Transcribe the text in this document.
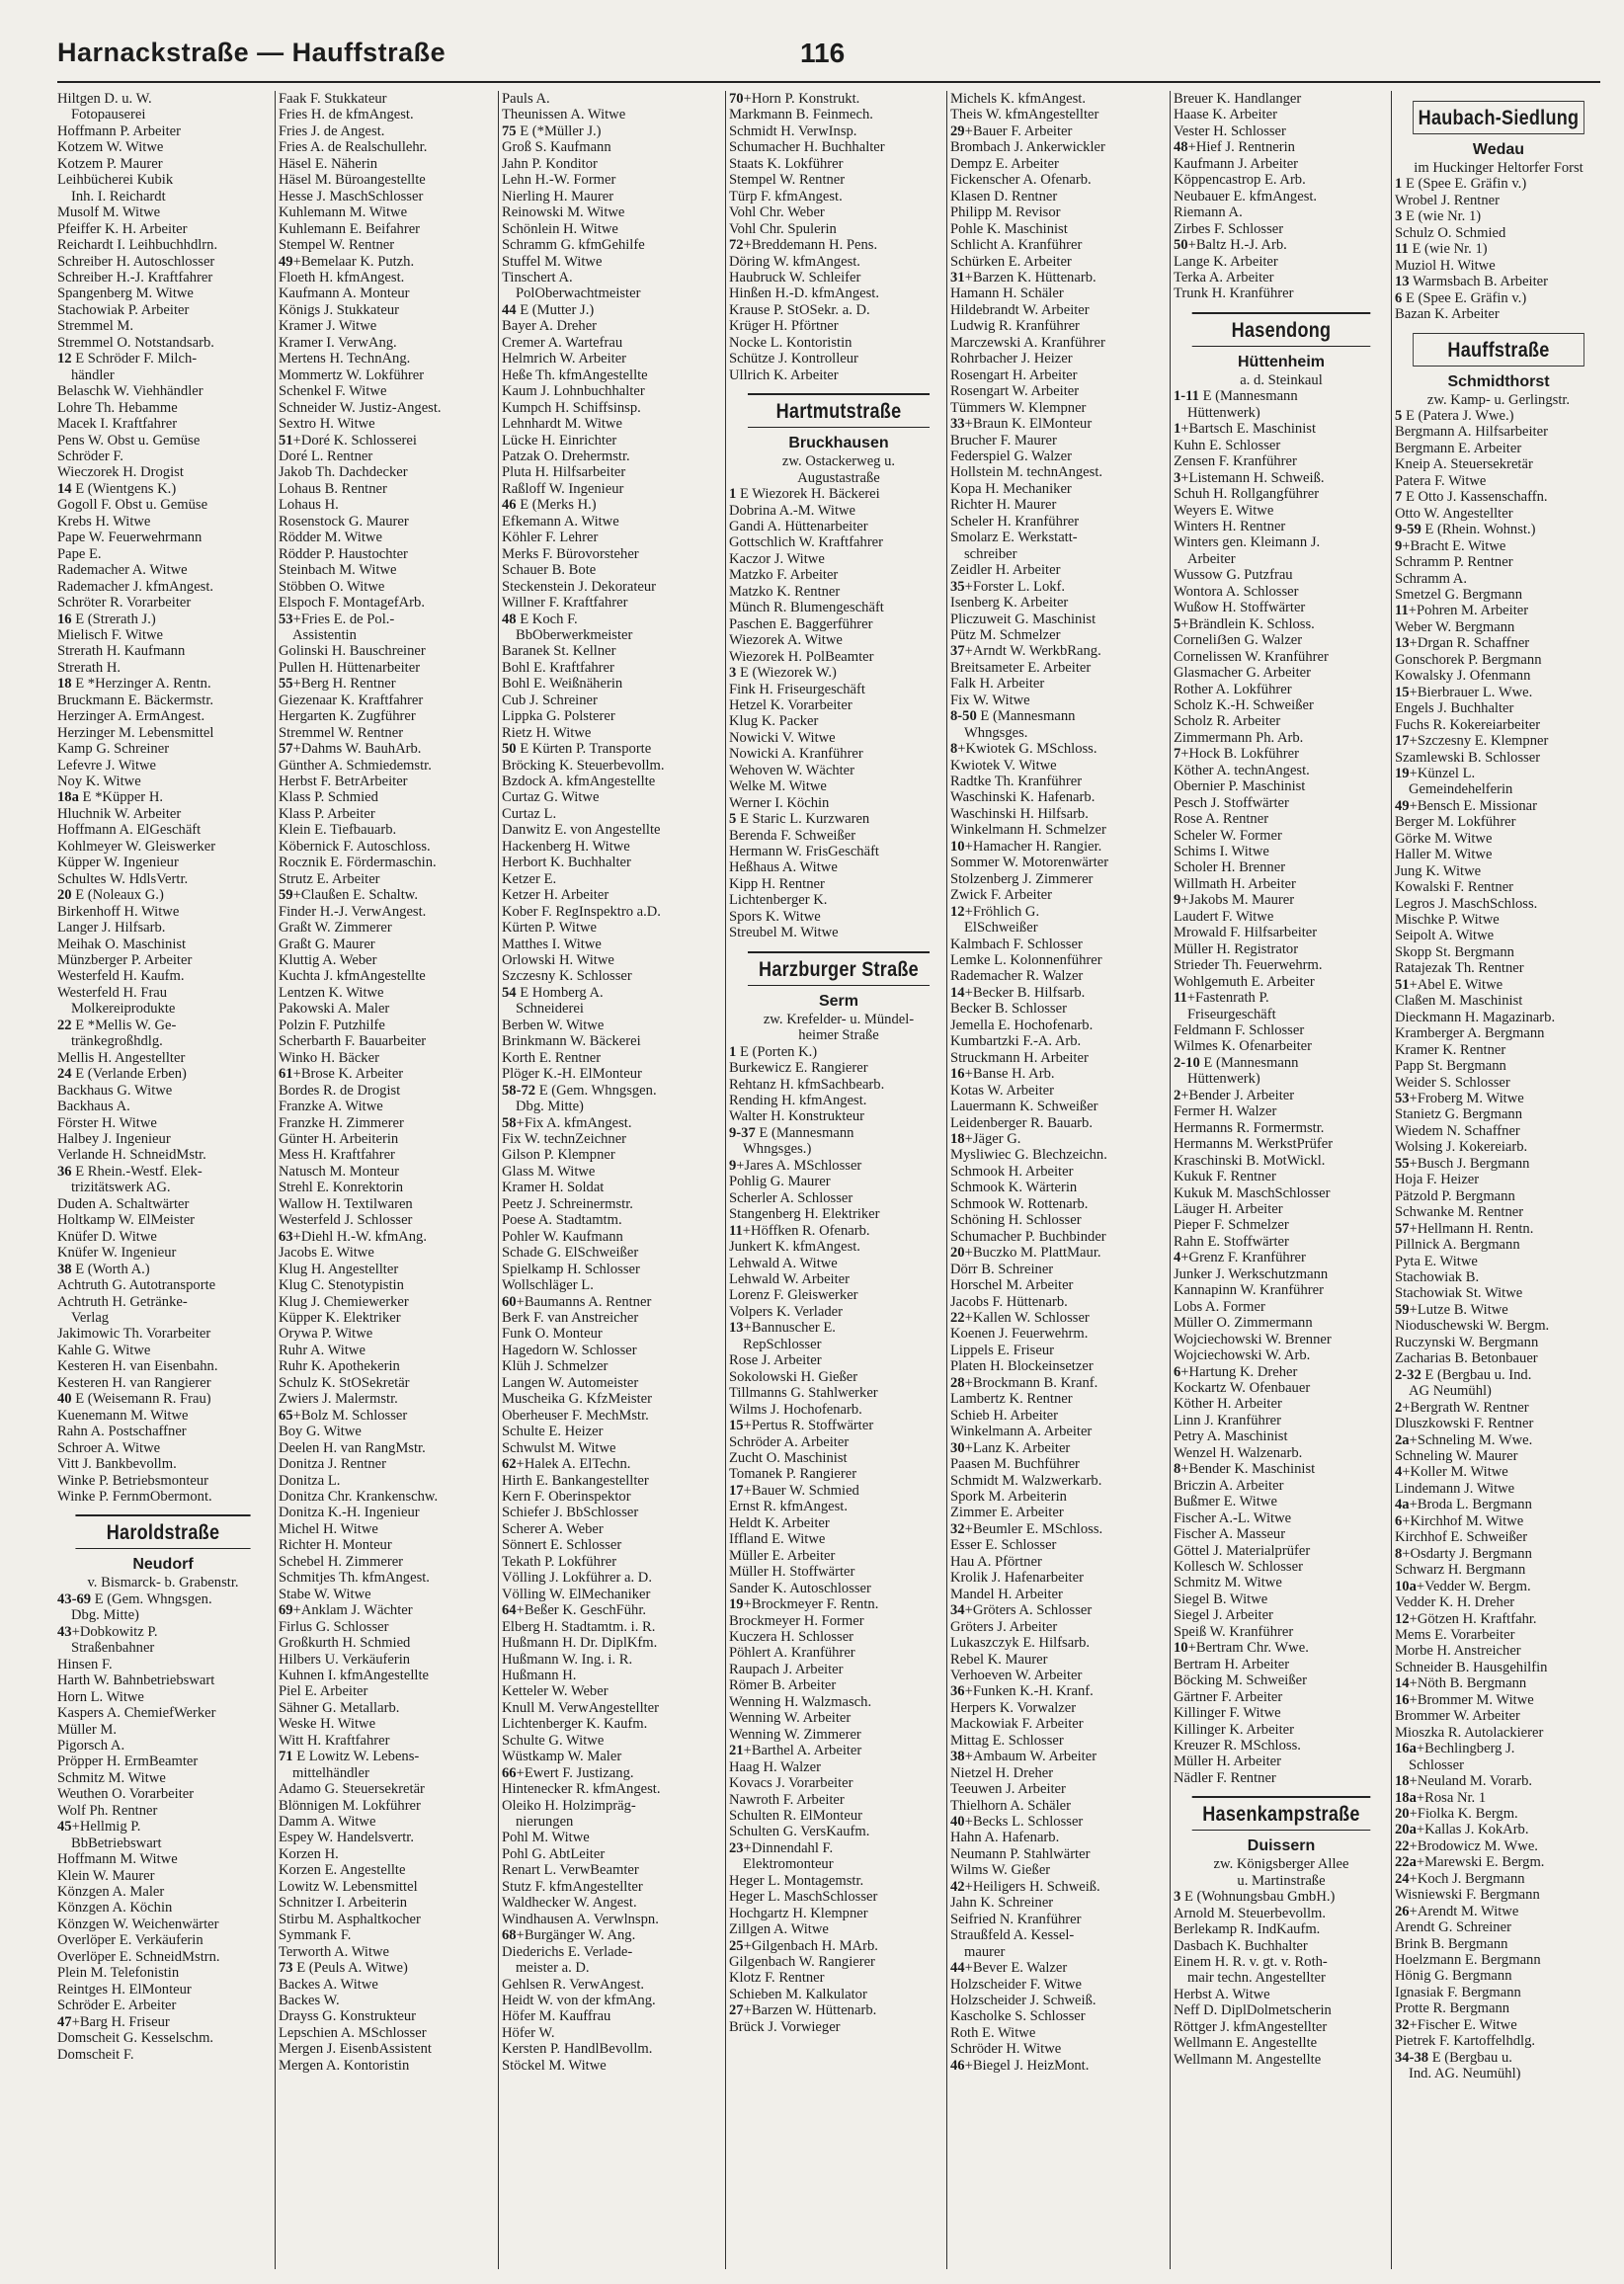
Harnackstraße — Hauffstraße	116
Hiltgen D. u. W.
Fotopauserei
Hoffmann P. Arbeiter
Kotzem W. Witwe
Kotzem P. Maurer
Leihbücherei Kubik
Inh. I. Reichardt
Musolf M. Witwe
Pfeiffer K. H. Arbeiter
Reichardt I. Leihbuchhdlrn.
Schreiber H. Autoschlosser
Schreiber H.-J. Kraftfahrer
Spangenberg M. Witwe
Stachowiak P. Arbeiter
Stremmel M.
Stremmel O. Notstandsarb.
12 E Schröder F. Milch-
händler
Belaschk W. Viehhändler
Lohre Th. Hebamme
Macek I. Kraftfahrer
Pens W. Obst u. Gemüse
Schröder F.
Wieczorek H. Drogist
14 E (Wientgens K.)
Gogoll F. Obst u. Gemüse
Krebs H. Witwe
Pape W. Feuerwehrmann
Pape E.
Rademacher A. Witwe
Rademacher J. kfmAngest.
Schröter R. Vorarbeiter
16 E (Strerath J.)
Mielisch F. Witwe
Strerath H. Kaufmann
Strerath H.
18 E *Herzinger A. Rentn.
Bruckmann E. Bäckermstr.
Herzinger A. ErmAngest.
Herzinger M. Lebensmittel
Kamp G. Schreiner
Lefevre J. Witwe
Noy K. Witwe
18a E *Küpper H.
Hluchnik W. Arbeiter
Hoffmann A. ElGeschäft
Kohlmeyer W. Gleiswerker
Küpper W. Ingenieur
Schultes W. HdlsVertr.
20 E (Noleaux G.)
Birkenhoff H. Witwe
Langer J. Hilfsarb.
Meihak O. Maschinist
Münzberger P. Arbeiter
Westerfeld H. Kaufm.
Westerfeld H. Frau
Molkereiprodukte
22 E *Mellis W. Ge-
tränkegroßhdlg.
Mellis H. Angestellter
24 E (Verlande Erben)
Backhaus G. Witwe
Backhaus A.
Förster H. Witwe
Halbey J. Ingenieur
Verlande H. SchneidMstr.
36 E Rhein.-Westf. Elek-
trizitätswerk AG.
Duden A. Schaltwärter
Holtkamp W. ElMeister
Knüfer D. Witwe
Knüfer W. Ingenieur
38 E (Worth A.)
Achtruth G. Autotransporte
Achtruth H. Getränke-
Verlag
Jakimowic Th. Vorarbeiter
Kahle G. Witwe
Kesteren H. van Eisenbahn.
Kesteren H. van Rangierer
40 E (Weisemann R. Frau)
Kuenemann M. Witwe
Rahn A. Postschaffner
Schroer A. Witwe
Vitt J. Bankbevollm.
Winke P. Betriebsmonteur
Winke P. FernmObermont.
Haroldstraße
Neudorf
v. Bismarck- b. Grabenstr.
43-69 E (Gem. Whngsgen.
Dbg. Mitte)
43+Dobkowitz P.
Straßenbahner
Hinsen F.
Harth W. Bahnbetriebswart
Horn L. Witwe
Kaspers A. ChemiefWerker
Müller M.
Pigorsch A.
Pröpper H. ErmBeamter
Schmitz M. Witwe
Weuthen O. Vorarbeiter
Wolf Ph. Rentner
45+Hellmig P.
BbBetriebswart
Hoffmann M. Witwe
Klein W. Maurer
Könzgen A. Maler
Könzgen A. Köchin
Könzgen W. Weichenwärter
Overlöper E. Verkäuferin
Overlöper E. SchneidMstrn.
Plein M. Telefonistin
Reintges H. ElMonteur
Schröder E. Arbeiter
47+Barg H. Friseur
Domscheit G. Kesselschm.
Domscheit F.
Faak F. Stukkateur
Fries H. de kfmAngest.
Fries J. de Angest.
Fries A. de Realschullehr.
Häsel E. Näherin
Häsel M. Büroangestellte
Hesse J. MaschSchlosser
Kuhlemann M. Witwe
Kuhlemann E. Beifahrer
Stempel W. Rentner
49+Bemelaar K. Putzh.
Floeth H. kfmAngest.
Kaufmann A. Monteur
Königs J. Stukkateur
Kramer J. Witwe
Kramer I. VerwAng.
Mertens H. TechnAng.
Mommertz W. Lokführer
Schenkel F. Witwe
Schneider W. Justiz-Angest.
Sextro H. Witwe
51+Doré K. Schlosserei
Doré L. Rentner
Jakob Th. Dachdecker
Lohaus B. Rentner
Lohaus H.
Rosenstock G. Maurer
Rödder M. Witwe
Rödder P. Haustochter
Steinbach M. Witwe
Stöbben O. Witwe
Elspoch F. MontagefArb.
53+Fries E. de Pol.-
Assistentin
Golinski H. Bauschreiner
Pullen H. Hüttenarbeiter
55+Berg H. Rentner
Giezenaar K. Kraftfahrer
Hergarten K. Zugführer
Stremmel W. Rentner
57+Dahms W. BauhArb.
Günther A. Schmiedemstr.
Herbst F. BetrArbeiter
Klass P. Schmied
Klass P. Arbeiter
Klein E. Tiefbauarb.
Köbernick F. Autoschloss.
Rocznik E. Fördermaschin.
Strutz E. Arbeiter
59+Claußen E. Schaltw.
Finder H.-J. VerwAngest.
Graßt W. Zimmerer
Graßt G. Maurer
Kluttig A. Weber
Kuchta J. kfmAngestellte
Lentzen K. Witwe
Pakowski A. Maler
Polzin F. Putzhilfe
Scherbarth F. Bauarbeiter
Winko H. Bäcker
61+Brose K. Arbeiter
Bordes R. de Drogist
Franzke A. Witwe
Franzke H. Zimmerer
Günter H. Arbeiterin
Mess H. Kraftfahrer
Natusch M. Monteur
Strehl E. Konrektorin
Wallow H. Textilwaren
Westerfeld J. Schlosser
63+Diehl H.-W. kfmAng.
Jacobs E. Witwe
Klug H. Angestellter
Klug C. Stenotypistin
Klug J. Chemiewerker
Küpper K. Elektriker
Orywa P. Witwe
Ruhr A. Witwe
Ruhr K. Apothekerin
Schulz K. StOSekretär
Zwiers J. Malermstr.
65+Bolz M. Schlosser
Boy G. Witwe
Deelen H. van RangMstr.
Donitza J. Rentner
Donitza L.
Donitza Chr. Krankenschw.
Donitza K.-H. Ingenieur
Michel H. Witwe
Richter H. Monteur
Schebel H. Zimmerer
Schmitjes Th. kfmAngest.
Stabe W. Witwe
69+Anklam J. Wächter
Firlus G. Schlosser
Großkurth H. Schmied
Hilbers U. Verkäuferin
Kuhnen I. kfmAngestellte
Piel E. Arbeiter
Sähner G. Metallarb.
Weske H. Witwe
Witt H. Kraftfahrer
71 E Lowitz W. Lebens-
mittelhändler
Adamo G. Steuersekretär
Blönnigen M. Lokführer
Damm A. Witwe
Espey W. Handelsvertr.
Korzen H.
Korzen E. Angestellte
Lowitz W. Lebensmittel
Schnitzer I. Arbeiterin
Stirbu M. Asphaltkocher
Symmank F.
Terworth A. Witwe
73 E (Peuls A. Witwe)
Backes A. Witwe
Backes W.
Drayss G. Konstrukteur
Lepschien A. MSchlosser
Mergen J. EisenbAssistent
Mergen A. Kontoristin
Pauls A.
Theunissen A. Witwe
75 E (*Müller J.)
Groß S. Kaufmann
Jahn P. Konditor
Lehn H.-W. Former
Nierling H. Maurer
Reinowski M. Witwe
Schönlein H. Witwe
Schramm G. kfmGehilfe
Stuffel M. Witwe
Tinschert A.
PolOberwachtmeister
44 E (Mutter J.)
Bayer A. Dreher
Cremer A. Wartefrau
Helmrich W. Arbeiter
Heße Th. kfmAngestellte
Kaum J. Lohnbuchhalter
Kumpch H. Schiffsinsp.
Lehnhardt M. Witwe
Lücke H. Einrichter
Patzak O. Drehermstr.
Pluta H. Hilfsarbeiter
Raßloff W. Ingenieur
46 E (Merks H.)
Efkemann A. Witwe
Köhler F. Lehrer
Merks F. Bürovorsteher
Schauer B. Bote
Steckenstein J. Dekorateur
Willner F. Kraftfahrer
48 E Koch F.
BbOberwerkmeister
Baranek St. Kellner
Bohl E. Kraftfahrer
Bohl E. Weißnäherin
Cub J. Schreiner
Lippka G. Polsterer
Rietz H. Witwe
50 E Kürten P. Transporte
Bröcking K. Steuerbevollm.
Bzdock A. kfmAngestellte
Curtaz G. Witwe
Curtaz L.
Danwitz E. von Angestellte
Hackenberg H. Witwe
Herbort K. Buchhalter
Ketzer E.
Ketzer H. Arbeiter
Kober F. RegInspektro a.D.
Kürten P. Witwe
Matthes I. Witwe
Orlowski H. Witwe
Szczesny K. Schlosser
54 E Homberg A.
Schneiderei
Berben W. Witwe
Brinkmann W. Bäckerei
Korth E. Rentner
Plöger K.-H. ElMonteur
58-72 E (Gem. Whngsgen.
Dbg. Mitte)
58+Fix A. kfmAngest.
Fix W. technZeichner
Gilson P. Klempner
Glass M. Witwe
Kramer H. Soldat
Peetz J. Schreinermstr.
Poese A. Stadtamtm.
Pohler W. Kaufmann
Schade G. ElSchweißer
Spielkamp H. Schlosser
Wollschläger L.
60+Baumanns A. Rentner
Berk F. van Anstreicher
Funk O. Monteur
Hagedorn W. Schlosser
Klüh J. Schmelzer
Langen W. Automeister
Muscheika G. KfzMeister
Oberheuser F. MechMstr.
Schulte E. Heizer
Schwulst M. Witwe
62+Halek A. ElTechn.
Hirth E. Bankangestellter
Kern F. Oberinspektor
Schiefer J. BbSchlosser
Scherer A. Weber
Sönnert E. Schlosser
Tekath P. Lokführer
Völling J. Lokführer a. D.
Völling W. ElMechaniker
64+Beßer K. GeschFühr.
Elberg H. Stadtamtm. i. R.
Hußmann H. Dr. DiplKfm.
Hußmann W. Ing. i. R.
Hußmann H.
Ketteler W. Weber
Knull M. VerwAngestellter
Lichtenberger K. Kaufm.
Schulte G. Witwe
Wüstkamp W. Maler
66+Ewert F. Justizang.
Hintenecker R. kfmAngest.
Oleiko H. Holzimpräg-
nierungen
Pohl M. Witwe
Pohl G. AbtLeiter
Renart L. VerwBeamter
Stutz F. kfmAngestellter
Waldhecker W. Angest.
Windhausen A. Verwlnspn.
68+Burgänger W. Ang.
Diederichs E. Verlade-
meister a. D.
Gehlsen R. VerwAngest.
Heidt W. von der kfmAng.
Höfer M. Kauffrau
Höfer W.
Kersten P. HandlBevollm.
Stöckel M. Witwe
70+Horn P. Konstrukt.
Markmann B. Feinmech.
Schmidt H. VerwInsp.
Schumacher H. Buchhalter
Staats K. Lokführer
Stempel W. Rentner
Türp F. kfmAngest.
Vohl Chr. Weber
Vohl Chr. Spulerin
72+Breddemann H. Pens.
Döring W. kfmAngest.
Haubruck W. Schleifer
Hinßen H.-D. kfmAngest.
Krause P. StOSekr. a. D.
Krüger H. Pförtner
Nocke L. Kontoristin
Schütze J. Kontrolleur
Ullrich K. Arbeiter
Hartmutstraße
Bruckhausen
zw. Ostackerweg u.
Augustastraße
1 E Wiezorek H. Bäckerei
Dobrina A.-M. Witwe
Gandi A. Hüttenarbeiter
Gottschlich W. Kraftfahrer
Kaczor J. Witwe
Matzko F. Arbeiter
Matzko K. Rentner
Münch R. Blumengeschäft
Paschen E. Baggerführer
Wiezorek A. Witwe
Wiezorek H. PolBeamter
3 E (Wiezorek W.)
Fink H. Friseurgeschäft
Hetzel K. Vorarbeiter
Klug K. Packer
Nowicki V. Witwe
Nowicki A. Kranführer
Wehoven W. Wächter
Welke M. Witwe
Werner I. Köchin
5 E Staric L. Kurzwaren
Berenda F. Schweißer
Hermann W. FrisGeschäft
Heßhaus A. Witwe
Kipp H. Rentner
Lichtenberger K.
Spors K. Witwe
Streubel M. Witwe
Harzburger Straße
Serm
zw. Krefelder- u. Mündel-
heimer Straße
1 E (Porten K.)
Burkewicz E. Rangierer
Rehtanz H. kfmSachbearb.
Rending H. kfmAngest.
Walter H. Konstrukteur
9-37 E (Mannesmann
Whngsges.)
9+Jares A. MSchlosser
Pohlig G. Maurer
Scherler A. Schlosser
Stangenberg H. Elektriker
11+Höffken R. Ofenarb.
Junkert K. kfmAngest.
Lehwald A. Witwe
Lehwald W. Arbeiter
Lorenz F. Gleiswerker
Volpers K. Verlader
13+Bannuscher E.
RepSchlosser
Rose J. Arbeiter
Sokolowski H. Gießer
Tillmanns G. Stahlwerker
Wilms J. Hochofenarb.
15+Pertus R. Stoffwärter
Schröder A. Arbeiter
Zucht O. Maschinist
Tomanek P. Rangierer
17+Bauer W. Schmied
Ernst R. kfmAngest.
Heldt K. Arbeiter
Iffland E. Witwe
Müller E. Arbeiter
Müller H. Stoffwärter
Sander K. Autoschlosser
19+Brockmeyer F. Rentn.
Brockmeyer H. Former
Kuczera H. Schlosser
Pöhlert A. Kranführer
Raupach J. Arbeiter
Römer B. Arbeiter
Wenning H. Walzmasch.
Wenning W. Arbeiter
Wenning W. Zimmerer
21+Barthel A. Arbeiter
Haag H. Walzer
Kovacs J. Vorarbeiter
Nawroth F. Arbeiter
Schulten R. ElMonteur
Schulten G. VersKaufm.
23+Dinnendahl F.
Elektromonteur
Heger L. Montagemstr.
Heger L. MaschSchlosser
Hochgartz H. Klempner
Zillgen A. Witwe
25+Gilgenbach H. MArb.
Gilgenbach W. Rangierer
Klotz F. Rentner
Schieben M. Kalkulator
27+Barzen W. Hüttenarb.
Brück J. Vorwieger
Michels K. kfmAngest.
Theis W. kfmAngestellter
29+Bauer F. Arbeiter
Brombach J. Ankerwickler
Dempz E. Arbeiter
Fickenscher A. Ofenarb.
Klasen D. Rentner
Philipp M. Revisor
Pohle K. Maschinist
Schlicht A. Kranführer
Schürken E. Arbeiter
31+Barzen K. Hüttenarb.
Hamann H. Schäler
Hildebrandt W. Arbeiter
Ludwig R. Kranführer
Marczewski A. Kranführer
Rohrbacher J. Heizer
Rosengart H. Arbeiter
Rosengart W. Arbeiter
Tümmers W. Klempner
33+Braun K. ElMonteur
Brucher F. Maurer
Federspiel G. Walzer
Hollstein M. technAngest.
Kopa H. Mechaniker
Richter H. Maurer
Scheler H. Kranführer
Smolarz E. Werkstatt-
schreiber
Zeidler H. Arbeiter
35+Forster L. Lokf.
Isenberg K. Arbeiter
Pliczuweit G. Maschinist
Pütz M. Schmelzer
37+Arndt W. WerkbRang.
Breitsameter E. Arbeiter
Falk H. Arbeiter
Fix W. Witwe
8-50 E (Mannesmann
Whngsges.
8+Kwiotek G. MSchloss.
Kwiotek V. Witwe
Radtke Th. Kranführer
Waschinski K. Hafenarb.
Waschinski H. Hilfsarb.
Winkelmann H. Schmelzer
10+Hamacher H. Rangier.
Sommer W. Motorenwärter
Stolzenberg J. Zimmerer
Zwick F. Arbeiter
12+Fröhlich G.
ElSchweißer
Kalmbach F. Schlosser
Lemke L. Kolonnenführer
Rademacher R. Walzer
14+Becker B. Hilfsarb.
Becker B. Schlosser
Jemella E. Hochofenarb.
Kumbartzki F.-A. Arb.
Struckmann H. Arbeiter
16+Banse H. Arb.
Kotas W. Arbeiter
Lauermann K. Schweißer
Leidenberger R. Bauarb.
18+Jäger G.
Mysliwiec G. Blechzeichn.
Schmook H. Arbeiter
Schmook K. Wärterin
Schmook W. Rottenarb.
Schöning H. Schlosser
Schumacher P. Buchbinder
20+Buczko M. PlattMaur.
Dörr B. Schreiner
Horschel M. Arbeiter
Jacobs F. Hüttenarb.
22+Kallen W. Schlosser
Koenen J. Feuerwehrm.
Lippels E. Friseur
Platen H. Blockeinsetzer
28+Brockmann B. Kranf.
Lambertz K. Rentner
Schieb H. Arbeiter
Winkelmann A. Arbeiter
30+Lanz K. Arbeiter
Paasen M. Buchführer
Schmidt M. Walzwerkarb.
Spork M. Arbeiterin
Zimmer E. Arbeiter
32+Beumler E. MSchloss.
Esser E. Schlosser
Hau A. Pförtner
Krolik J. Hafenarbeiter
Mandel H. Arbeiter
34+Gröters A. Schlosser
Gröters J. Arbeiter
Lukaszczyk E. Hilfsarb.
Rebel K. Maurer
Verhoeven W. Arbeiter
36+Funken K.-H. Kranf.
Herpers K. Vorwalzer
Mackowiak F. Arbeiter
Mittag E. Schlosser
38+Ambaum W. Arbeiter
Nietzel H. Dreher
Teeuwen J. Arbeiter
Thielhorn A. Schäler
40+Becks L. Schlosser
Hahn A. Hafenarb.
Neumann P. Stahlwärter
Wilms W. Gießer
42+Heiligers H. Schweiß.
Jahn K. Schreiner
Seifried N. Kranführer
Straußfeld A. Kessel-
maurer
44+Bever E. Walzer
Holzscheider F. Witwe
Holzscheider J. Schweiß.
Kascholke S. Schlosser
Roth E. Witwe
Schröder H. Witwe
46+Biegel J. HeizMont.
Breuer K. Handlanger
Haase K. Arbeiter
Vester H. Schlosser
48+Hief J. Rentnerin
Kaufmann J. Arbeiter
Köppencastrop E. Arb.
Neubauer E. kfmAngest.
Riemann A.
Zirbes F. Schlosser
50+Baltz H.-J. Arb.
Lange K. Arbeiter
Terka A. Arbeiter
Trunk H. Kranführer
Hasendong
Hüttenheim
a. d. Steinkaul
1-11 E (Mannesmann
Hüttenwerk)
1+Bartsch E. Maschinist
Kuhn E. Schlosser
Zensen F. Kranführer
3+Listemann H. Schweiß.
Schuh H. Rollgangführer
Weyers E. Witwe
Winters H. Rentner
Winters gen. Kleimann J.
Arbeiter
Wussow G. Putzfrau
Wontora A. Schlosser
Wußow H. Stoffwärter
5+Brändlein K. Schloss.
Corneliẞen G. Walzer
Cornelissen W. Kranführer
Glasmacher G. Arbeiter
Rother A. Lokführer
Scholz K.-H. Schweißer
Scholz R. Arbeiter
Zimmermann Ph. Arb.
7+Hock B. Lokführer
Köther A. technAngest.
Obernier P. Maschinist
Pesch J. Stoffwärter
Rose A. Rentner
Scheler W. Former
Schims I. Witwe
Scholer H. Brenner
Willmath H. Arbeiter
9+Jakobs M. Maurer
Laudert F. Witwe
Mrowald F. Hilfsarbeiter
Müller H. Registrator
Strieder Th. Feuerwehrm.
Wohlgemuth E. Arbeiter
11+Fastenrath P.
Friseurgeschäft
Feldmann F. Schlosser
Wilmes K. Ofenarbeiter
2-10 E (Mannesmann
Hüttenwerk)
2+Bender J. Arbeiter
Fermer H. Walzer
Hermanns R. Formermstr.
Hermanns M. WerkstPrüfer
Kraschinski B. MotWickl.
Kukuk F. Rentner
Kukuk M. MaschSchlosser
Läuger H. Arbeiter
Pieper F. Schmelzer
Rahn E. Stoffwärter
4+Grenz F. Kranführer
Junker J. Werkschutzmann
Kannapinn W. Kranführer
Lobs A. Former
Müller O. Zimmermann
Wojciechowski W. Brenner
Wojciechowski W. Arb.
6+Hartung K. Dreher
Kockartz W. Ofenbauer
Köther H. Arbeiter
Linn J. Kranführer
Petry A. Maschinist
Wenzel H. Walzenarb.
8+Bender K. Maschinist
Briczin A. Arbeiter
Bußmer E. Witwe
Fischer A.-L. Witwe
Fischer A. Masseur
Göttel J. Materialprüfer
Kollesch W. Schlosser
Schmitz M. Witwe
Siegel B. Witwe
Siegel J. Arbeiter
Speiß W. Kranführer
10+Bertram Chr. Wwe.
Bertram H. Arbeiter
Böcking M. Schweißer
Gärtner F. Arbeiter
Killinger F. Witwe
Killinger K. Arbeiter
Kreuzer R. MSchloss.
Müller H. Arbeiter
Nädler F. Rentner
Hasenkampstraße
Duissern
zw. Königsberger Allee
u. Martinstraße
3 E (Wohnungsbau GmbH.)
Arnold M. Steuerbevollm.
Berlekamp R. IndKaufm.
Dasbach K. Buchhalter
Einem H. R. v. gt. v. Roth-
mair techn. Angestellter
Herbst A. Witwe
Neff D. DiplDolmetscherin
Röttger J. kfmAngestellter
Wellmann E. Angestellte
Wellmann M. Angestellte
Haubach-Siedlung
Wedau
im Huckinger Heltorfer Forst
1 E (Spee E. Gräfin v.)
Wrobel J. Rentner
3 E (wie Nr. 1)
Schulz O. Schmied
11 E (wie Nr. 1)
Muziol H. Witwe
13 Warmsbach B. Arbeiter
6 E (Spee E. Gräfin v.)
Bazan K. Arbeiter
Hauffstraße
Schmidthorst
zw. Kamp- u. Gerlingstr.
5 E (Patera J. Wwe.)
Bergmann A. Hilfsarbeiter
Bergmann E. Arbeiter
Kneip A. Steuersekretär
Patera F. Witwe
7 E Otto J. Kassenschaffn.
Otto W. Angestellter
9-59 E (Rhein. Wohnst.)
9+Bracht E. Witwe
Schramm P. Rentner
Schramm A.
Smetzel G. Bergmann
11+Pohren M. Arbeiter
Weber W. Bergmann
13+Drgan R. Schaffner
Gonschorek P. Bergmann
Kowalsky J. Ofenmann
15+Bierbrauer L. Wwe.
Engels J. Buchhalter
Fuchs R. Kokereiarbeiter
17+Szczesny E. Klempner
Szamlewski B. Schlosser
19+Künzel L.
Gemeindehelferin
49+Bensch E. Missionar
Berger M. Lokführer
Görke M. Witwe
Haller M. Witwe
Jung K. Witwe
Kowalski F. Rentner
Legros J. MaschSchloss.
Mischke P. Witwe
Seipolt A. Witwe
Skopp St. Bergmann
Ratajezak Th. Rentner
51+Abel E. Witwe
Claßen M. Maschinist
Dieckmann H. Magazinarb.
Kramberger A. Bergmann
Kramer K. Rentner
Papp St. Bergmann
Weider S. Schlosser
53+Froberg M. Witwe
Stanietz G. Bergmann
Wiedem N. Schaffner
Wolsing J. Kokereiarb.
55+Busch J. Bergmann
Hoja F. Heizer
Pätzold P. Bergmann
Schwanke M. Rentner
57+Hellmann H. Rentn.
Pillnick A. Bergmann
Pyta E. Witwe
Stachowiak B.
Stachowiak St. Witwe
59+Lutze B. Witwe
Nioduschewski W. Bergm.
Ruczynski W. Bergmann
Zacharias B. Betonbauer
2-32 E (Bergbau u. Ind.
AG Neumühl)
2+Bergrath W. Rentner
Dluszkowski F. Rentner
2a+Schneling M. Wwe.
Schneling W. Maurer
4+Koller M. Witwe
Lindemann J. Witwe
4a+Broda L. Bergmann
6+Kirchhof M. Witwe
Kirchhof E. Schweißer
8+Osdarty J. Bergmann
Schwarz H. Bergmann
10a+Vedder W. Bergm.
Vedder K. H. Dreher
12+Götzen H. Kraftfahr.
Mems E. Vorarbeiter
Morbe H. Anstreicher
Schneider B. Hausgehilfin
14+Nöth B. Bergmann
16+Brommer M. Witwe
Brommer W. Arbeiter
Mioszka R. Autolackierer
16a+Bechlingberg J.
Schlosser
18+Neuland M. Vorarb.
18a+Rosa Nr. 1
20+Fiolka K. Bergm.
20a+Kallas J. KokArb.
22+Brodowicz M. Wwe.
22a+Marewski E. Bergm.
24+Koch J. Bergmann
Wisniewski F. Bergmann
26+Arendt M. Witwe
Arendt G. Schreiner
Brink B. Bergmann
Hoelzmann E. Bergmann
Hönig G. Bergmann
Ignasiak F. Bergmann
Protte R. Bergmann
32+Fischer E. Witwe
Pietrek F. Kartoffelhdlg.
34-38 E (Bergbau u.
Ind. AG. Neumühl)
